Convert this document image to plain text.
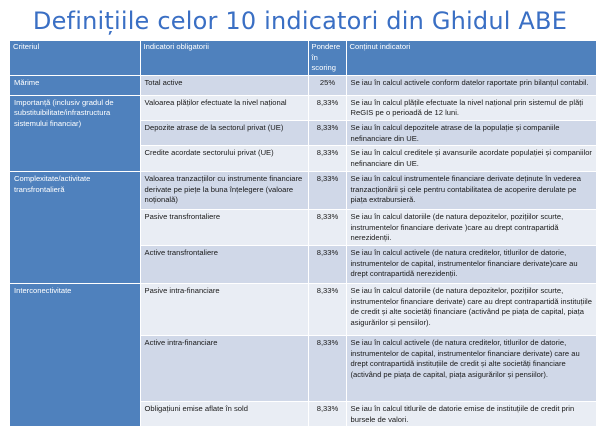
Definițiile celor 10 indicatori din Ghidul ABE
Criteriul	Indicatori obligatorii	Pondere în scoring	Conținut indicatori
Mărime	Total active	25%	Se iau în calcul activele conform datelor raportate prin bilanțul contabil.
Importanță (inclusiv gradul de substituibilitate/infrastructura sistemului financiar)	Valoarea plăților efectuate la nivel național	8,33%	Se iau în calcul plățile efectuate la nivel național prin sistemul de plăți ReGIS pe o perioadă de 12 luni.
	Depozite atrase de la sectorul privat (UE)	8,33%	Se iau în calcul depozitele atrase de la populație și companiile nefinanciare din UE.
	Credite acordate sectorului privat (UE)	8,33%	Se iau în calcul creditele și avansurile acordate populației și companiilor nefinanciare din UE.
Complexitate/activitate transfrontalieră	Valoarea tranzacțiilor cu instrumente financiare derivate pe piețe la buna înțelegere (valoare noțională)	8,33%	Se iau în calcul instrumentele financiare derivate deținute în vederea tranzacționării și cele pentru contabilitatea de acoperire derulate pe piața extrabursieră.
	Pasive transfrontaliere	8,33%	Se iau în calcul datoriile (de natura depozitelor, pozițiilor scurte, instrumentelor financiare derivate )care au drept contrapartidă nerezidenții.
	Active transfrontaliere	8,33%	Se iau în calcul activele (de natura creditelor, titlurilor de datorie, instrumentelor de capital, instrumentelor financiare derivate)care au drept contrapartidă nerezidenții.
Interconectivitate	Pasive intra-financiare	8,33%	Se iau în calcul datoriile (de natura depozitelor, pozițiilor scurte, instrumentelor financiare derivate) care au drept contrapartidă instituțiile de credit și alte societăți financiare (activând pe piața de capital, piața asigurărilor și pensiilor).
	Active intra-financiare	8,33%	Se iau în calcul activele (de natura creditelor, titlurilor de datorie, instrumentelor de capital, instrumentelor financiare derivate) care au drept contrapartidă instituțiile de credit și alte societăți financiare (activând pe piața de capital, piața asigurărilor și pensiilor).
	Obligațiuni emise aflate în sold	8,33%	Se iau în calcul titlurile de datorie emise de instituțiile de credit prin bursele de valori.
